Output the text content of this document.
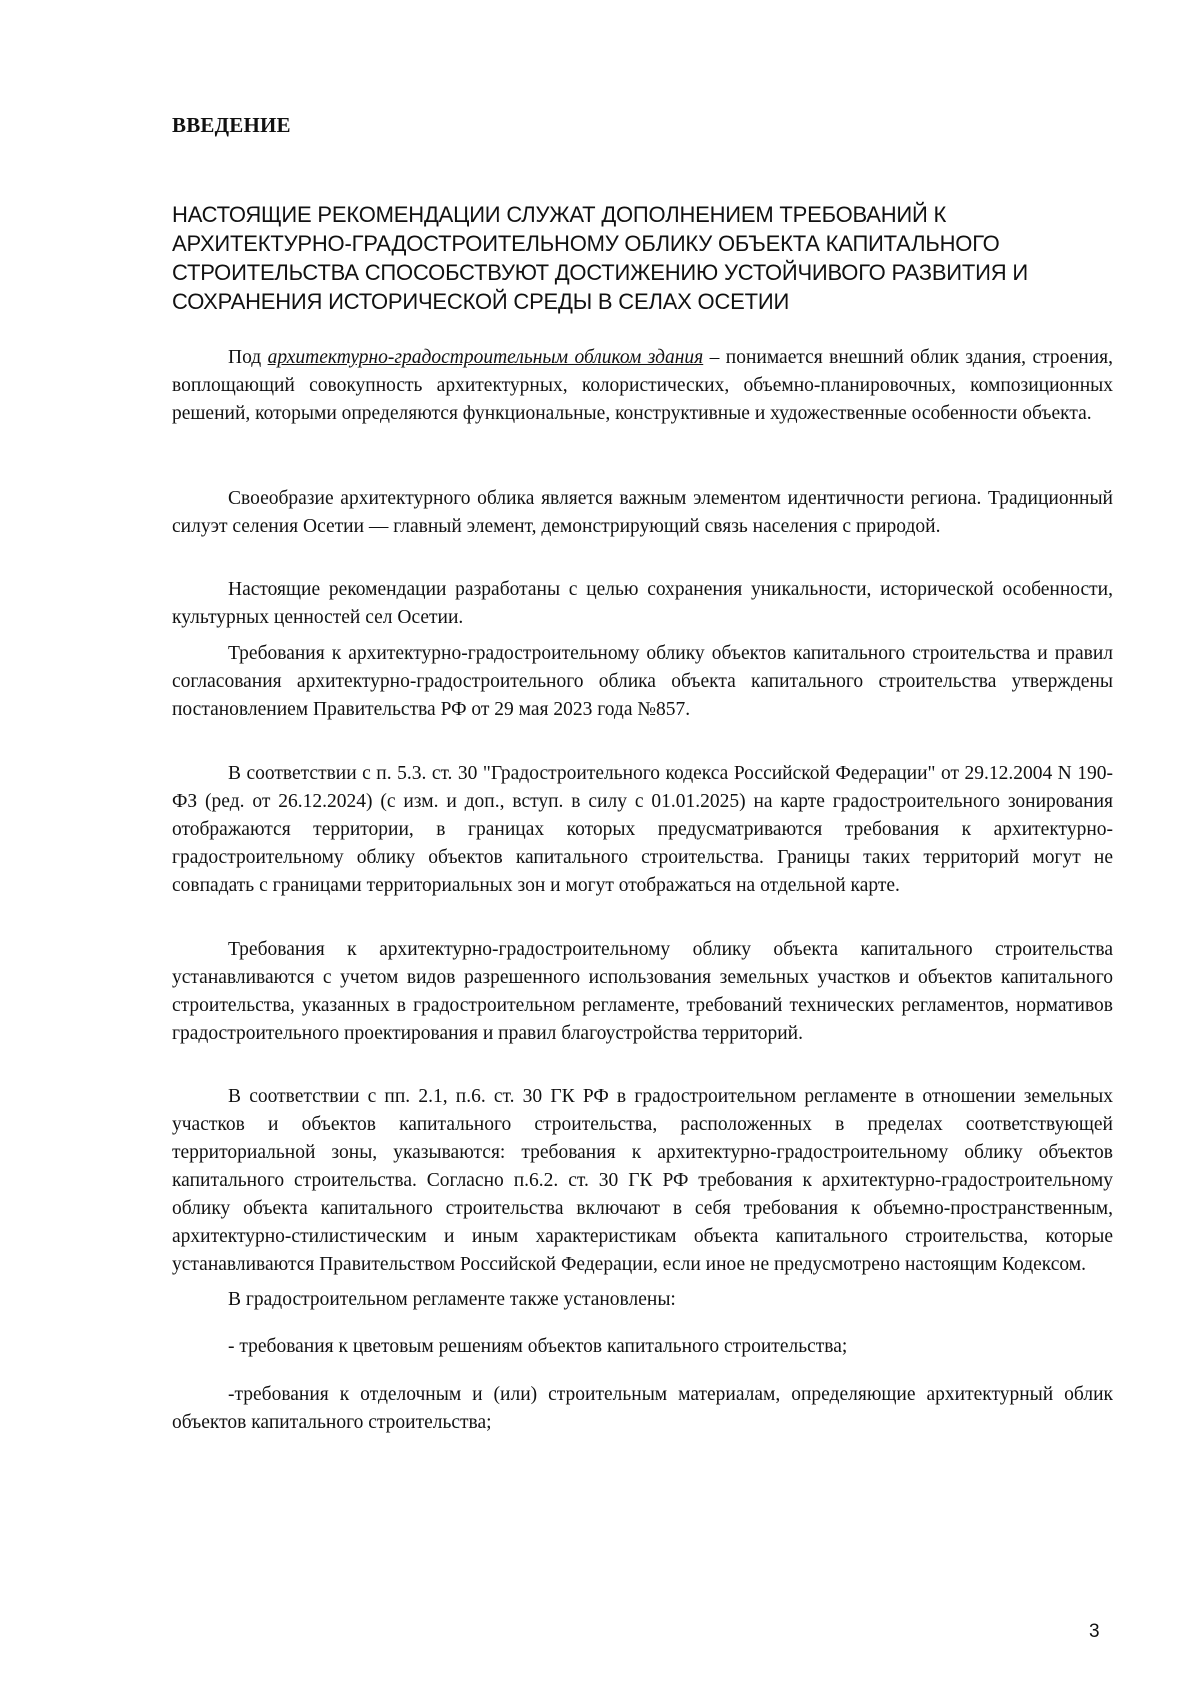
ВВЕДЕНИЕ
НАСТОЯЩИЕ РЕКОМЕНДАЦИИ СЛУЖАТ ДОПОЛНЕНИЕМ ТРЕБОВАНИЙ К АРХИТЕКТУРНО-ГРАДОСТРОИТЕЛЬНОМУ ОБЛИКУ ОБЪЕКТА КАПИТАЛЬНОГО СТРОИТЕЛЬСТВА СПОСОБСТВУЮТ ДОСТИЖЕНИЮ УСТОЙЧИВОГО РАЗВИТИЯ И СОХРАНЕНИЯ ИСТОРИЧЕСКОЙ СРЕДЫ В СЕЛАХ ОСЕТИИ

Под архитектурно-градостроительным обликом здания – понимается внешний облик здания, строения, воплощающий совокупность архитектурных, колористических, объемно-планировочных, композиционных решений, которыми определяются функциональные, конструктивные и художественные особенности объекта.

Своеобразие архитектурного облика является важным элементом идентичности региона. Традиционный силуэт селения Осетии — главный элемент, демонстрирующий связь населения с природой.

Настоящие рекомендации разработаны с целью сохранения уникальности, исторической особенности, культурных ценностей сел Осетии.

Требования к архитектурно-градостроительному облику объектов капитального строительства и правил согласования архитектурно-градостроительного облика объекта капитального строительства утверждены постановлением Правительства РФ от 29 мая 2023 года №857.

В соответствии с п. 5.3. ст. 30 "Градостроительного кодекса Российской Федерации" от 29.12.2004 N 190-ФЗ (ред. от 26.12.2024) (с изм. и доп., вступ. в силу с 01.01.2025) на карте градостроительного зонирования отображаются территории, в границах которых предусматриваются требования к архитектурно-градостроительному облику объектов капитального строительства. Границы таких территорий могут не совпадать с границами территориальных зон и могут отображаться на отдельной карте.

Требования к архитектурно-градостроительному облику объекта капитального строительства устанавливаются с учетом видов разрешенного использования земельных участков и объектов капитального строительства, указанных в градостроительном регламенте, требований технических регламентов, нормативов градостроительного проектирования и правил благоустройства территорий.

В соответствии с пп. 2.1, п.6. ст. 30 ГК РФ в градостроительном регламенте в отношении земельных участков и объектов капитального строительства, расположенных в пределах соответствующей территориальной зоны, указываются: требования к архитектурно-градостроительному облику объектов капитального строительства. Согласно п.6.2. ст. 30 ГК РФ требования к архитектурно-градостроительному облику объекта капитального строительства включают в себя требования к объемно-пространственным, архитектурно-стилистическим и иным характеристикам объекта капитального строительства, которые устанавливаются Правительством Российской Федерации, если иное не предусмотрено настоящим Кодексом.

В градостроительном регламенте также установлены:

- требования к цветовым решениям объектов капитального строительства;

-требования к отделочным и (или) строительным материалам, определяющие архитектурный облик объектов капитального строительства;

3
